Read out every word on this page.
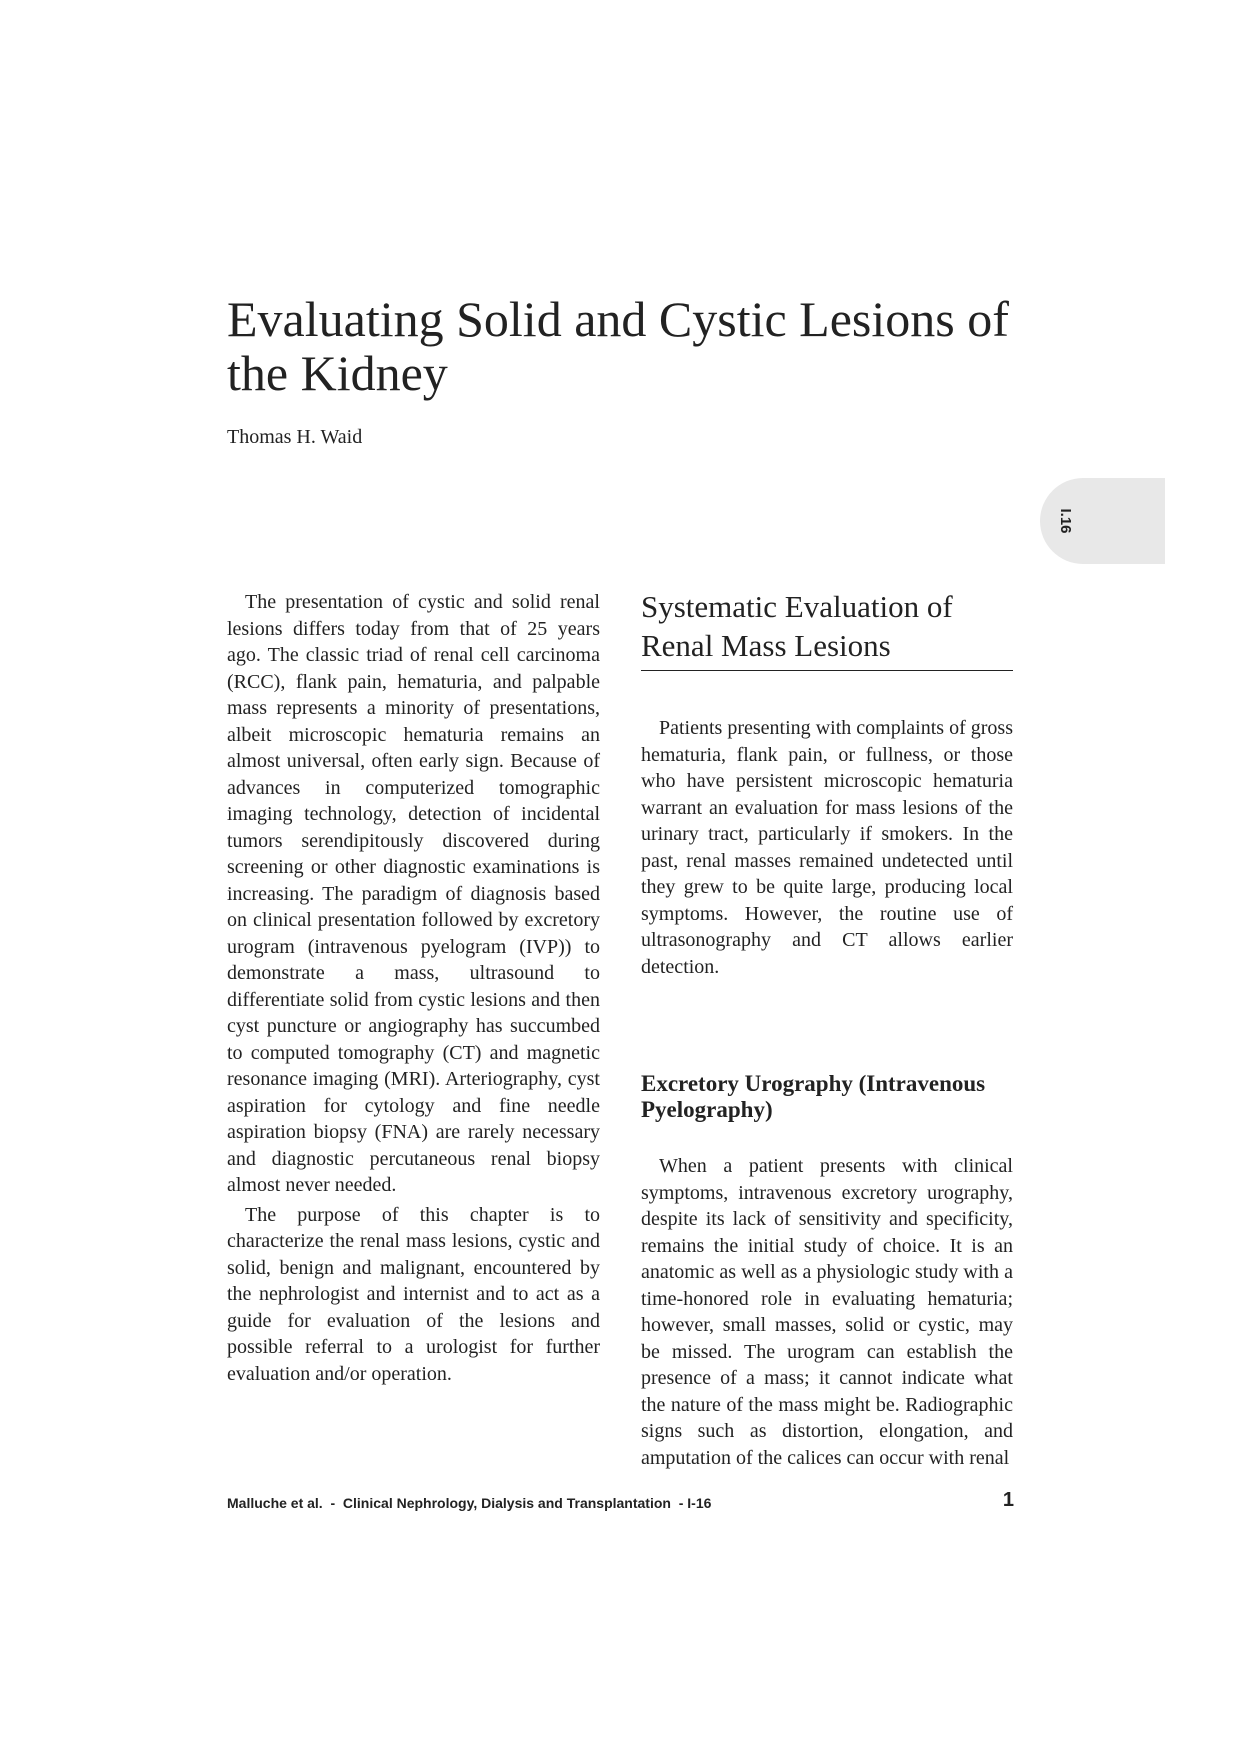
Evaluating Solid and Cystic Lesions of the Kidney
Thomas H. Waid
I.16

The presentation of cystic and solid renal lesions differs today from that of 25 years ago. The classic triad of renal cell carcinoma (RCC), flank pain, hematuria, and palpable mass represents a minority of presentations, albeit microscopic hematuria remains an almost universal, often early sign. Because of advances in computerized tomographic imaging technology, detection of incidental tumors serendipitously discovered during screening or other diagnostic examinations is increasing. The paradigm of diagnosis based on clinical presentation followed by excretory urogram (intravenous pyelogram (IVP)) to demonstrate a mass, ultrasound to differentiate solid from cystic lesions and then cyst puncture or angiography has succumbed to computed tomography (CT) and magnetic resonance imaging (MRI). Arteriography, cyst aspiration for cytology and fine needle aspiration biopsy (FNA) are rarely necessary and diagnostic percutaneous renal biopsy almost never needed.

The purpose of this chapter is to characterize the renal mass lesions, cystic and solid, benign and malignant, encountered by the nephrologist and internist and to act as a guide for evaluation of the lesions and possible referral to a urologist for further evaluation and/or operation.

Systematic Evaluation of Renal Mass Lesions

Patients presenting with complaints of gross hematuria, flank pain, or fullness, or those who have persistent microscopic hematuria warrant an evaluation for mass lesions of the urinary tract, particularly if smokers. In the past, renal masses remained undetected until they grew to be quite large, producing local symptoms. However, the routine use of ultrasonography and CT allows earlier detection.

Excretory Urography (Intravenous Pyelography)

When a patient presents with clinical symptoms, intravenous excretory urography, despite its lack of sensitivity and specificity, remains the initial study of choice. It is an anatomic as well as a physiologic study with a time-honored role in evaluating hematuria; however, small masses, solid or cystic, may be missed. The urogram can establish the presence of a mass; it cannot indicate what the nature of the mass might be. Radiographic signs such as distortion, elongation, and amputation of the calices can occur with renal

Malluche et al.  -  Clinical Nephrology, Dialysis and Transplantation  - I-16	1
